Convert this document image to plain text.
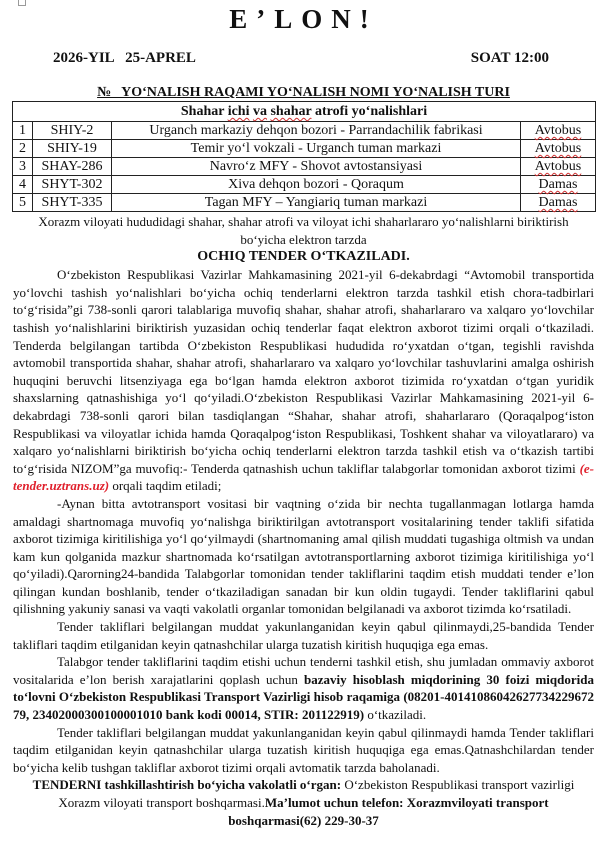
E’LON!
2026-YIL   25-APREL	SOAT 12:00
№   YO‘NALISH RAQAMI YO‘NALISH NOMI YO‘NALISH TURI
Shahar ichi va shahar atrofi yo‘nalishlari			
1	SHIY-2	Urganch markaziy dehqon bozori - Parrandachilik fabrikasi	Avtobus
2	SHIY-19	Temir yo‘l vokzali - Urganch tuman markazi	Avtobus
3	SHAY-286	Navro‘z MFY - Shovot avtostansiyasi	Avtobus
4	SHYT-302	Xiva dehqon bozori - Qoraqum	Damas
5	SHYT-335	Tagan MFY – Yangiariq tuman markazi	Damas

Xorazm viloyati hududidagi shahar, shahar atrofi va viloyat ichi shaharlararo yo‘nalishlarni biriktirish

bo‘yicha elektron tarzda

OCHIQ TENDER O‘TKAZILADI.

O‘zbekiston Respublikasi Vazirlar Mahkamasining 2021-yil 6-dekabrdagi “Avtomobil transportida yo‘lovchi tashish yo‘nalishlari bo‘yicha ochiq tenderlarni elektron tarzda tashkil etish chora-tadbirlari to‘g‘risida”gi 738-sonli qarori talablariga muvofiq shahar, shahar atrofi, shaharlararo va xalqaro yo‘lovchilar tashish yo‘nalishlarini biriktirish yuzasidan ochiq tenderlar faqat elektron axborot tizimi orqali o‘tkaziladi. Tenderda belgilangan tartibda O‘zbekiston Respublikasi hududida ro‘yxatdan o‘tgan, tegishli ravishda avtomobil transportida shahar, shahar atrofi, shaharlararo va xalqaro yo‘lovchilar tashuvlarini amalga oshirish huquqini beruvchi litsenziyaga ega bo‘lgan hamda elektron axborot tizimida ro‘yxatdan o‘tgan yuridik shaxslarning qatnashishiga yo‘l qo‘yiladi.O‘zbekiston Respublikasi Vazirlar Mahkamasining 2021-yil 6-dekabrdagi 738-sonli qarori bilan tasdiqlangan “Shahar, shahar atrofi, shaharlararo (Qoraqalpog‘iston Respublikasi va viloyatlar ichida hamda Qoraqalpog‘iston Respublikasi, Toshkent shahar va viloyatlararo) va xalqaro yo‘nalishlarni biriktirish bo‘yicha ochiq tenderlarni elektron tarzda tashkil etish va o‘tkazish tartibi to‘g‘risida NIZOM”ga muvofiq:- Tenderda qatnashish uchun takliflar talabgorlar tomonidan axborot tizimi (e-tender.uztrans.uz) orqali taqdim etiladi;

-Aynan bitta avtotransport vositasi bir vaqtning o‘zida bir nechta tugallanmagan lotlarga hamda amaldagi shartnomaga muvofiq yo‘nalishga biriktirilgan avtotransport vositalarining tender taklifi sifatida axborot tizimiga kiritilishiga yo‘l qo‘yilmaydi (shartnomaning amal qilish muddati tugashiga oltmish va undan kam kun qolganida mazkur shartnomada ko‘rsatilgan avtotransportlarning axborot tizimiga kiritilishiga yo‘l qo‘yiladi).Qarorning24-bandida Talabgorlar tomonidan tender takliflarini taqdim etish muddati tender e’lon qilingan kundan boshlanib, tender o‘tkaziladigan sanadan bir kun oldin tugaydi. Tender takliflarini qabul qilishning yakuniy sanasi va vaqti vakolatli organlar tomonidan belgilanadi va axborot tizimda ko‘rsatiladi.

Tender takliflari belgilangan muddat yakunlanganidan keyin qabul qilinmaydi,25-bandida Tender takliflari taqdim etilganidan keyin qatnashchilar ularga tuzatish kiritish huquqiga ega emas.

Talabgor tender takliflarini taqdim etishi uchun tenderni tashkil etish, shu jumladan ommaviy axborot vositalarida e’lon berish xarajatlarini qoplash uchun bazaviy hisoblash miqdorining 30 foizi miqdorida to‘lovni O‘zbekiston Respublikasi Transport Vazirligi hisob raqamiga (08201-40141086042627734229672 79, 23402000300100001010 bank kodi 00014, STIR: 201122919) o‘tkaziladi.

Tender takliflari belgilangan muddat yakunlanganidan keyin qabul qilinmaydi hamda Tender takliflari taqdim etilganidan keyin qatnashchilar ularga tuzatish kiritish huquqiga ega emas.Qatnashchilardan tender bo‘yicha kelib tushgan takliflar axborot tizimi orqali avtomatik tarzda baholanadi.

TENDERNI tashkillashtirish bo‘yicha vakolatli o‘rgan: O‘zbekiston Respublikasi transport vazirligi Xorazm viloyati transport boshqarmasi.Ma’lumot uchun telefon: Xorazmviloyati transport boshqarmasi(62) 229-30-37
